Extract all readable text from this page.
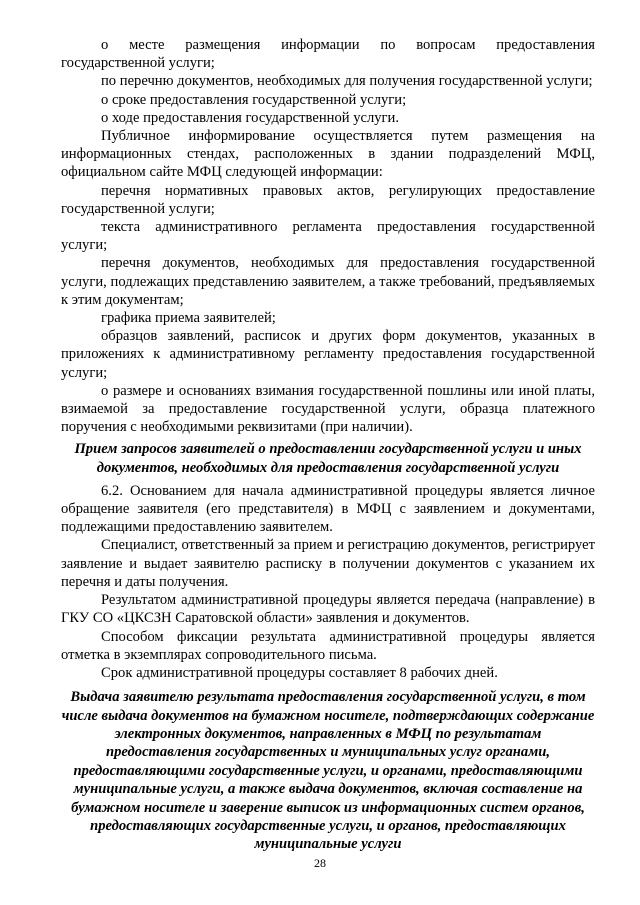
о месте размещения информации по вопросам предоставления государственной услуги;

по перечню документов, необходимых для получения государственной услуги;

о сроке предоставления государственной услуги;

о ходе предоставления государственной услуги.

Публичное информирование осуществляется путем размещения на информационных стендах, расположенных в здании подразделений МФЦ, официальном сайте МФЦ следующей информации:

перечня нормативных правовых актов, регулирующих предоставление государственной услуги;

текста административного регламента предоставления государственной услуги;

перечня документов, необходимых для предоставления государственной услуги, подлежащих представлению заявителем, а также требований, предъявляемых к этим документам;

графика приема заявителей;

образцов заявлений, расписок и других форм документов, указанных в приложениях к административному регламенту предоставления государственной услуги;

о размере и основаниях взимания государственной пошлины или иной платы, взимаемой за предоставление государственной услуги, образца платежного поручения с необходимыми реквизитами (при наличии).

Прием запросов заявителей о предоставлении государственной услуги и иных документов, необходимых для предоставления государственной услуги

6.2. Основанием для начала административной процедуры является личное обращение заявителя (его представителя) в МФЦ с заявлением и документами, подлежащими предоставлению заявителем.

Специалист, ответственный за прием и регистрацию документов, регистрирует заявление и выдает заявителю расписку в получении документов с указанием их перечня и даты получения.

Результатом административной процедуры является передача (направление) в ГКУ СО «ЦКСЗН Саратовской области» заявления и документов.

Способом фиксации результата административной процедуры является отметка в экземплярах сопроводительного письма.

Срок административной процедуры составляет 8 рабочих дней.

Выдача заявителю результата предоставления государственной услуги, в том числе выдача документов на бумажном носителе, подтверждающих содержание электронных документов, направленных в МФЦ по результатам предоставления государственных и муниципальных услуг органами, предоставляющими государственные услуги, и органами, предоставляющими муниципальные услуги, а также выдача документов, включая составление на бумажном носителе и заверение выписок из информационных систем органов, предоставляющих государственные услуги, и органов, предоставляющих муниципальные услуги

28
